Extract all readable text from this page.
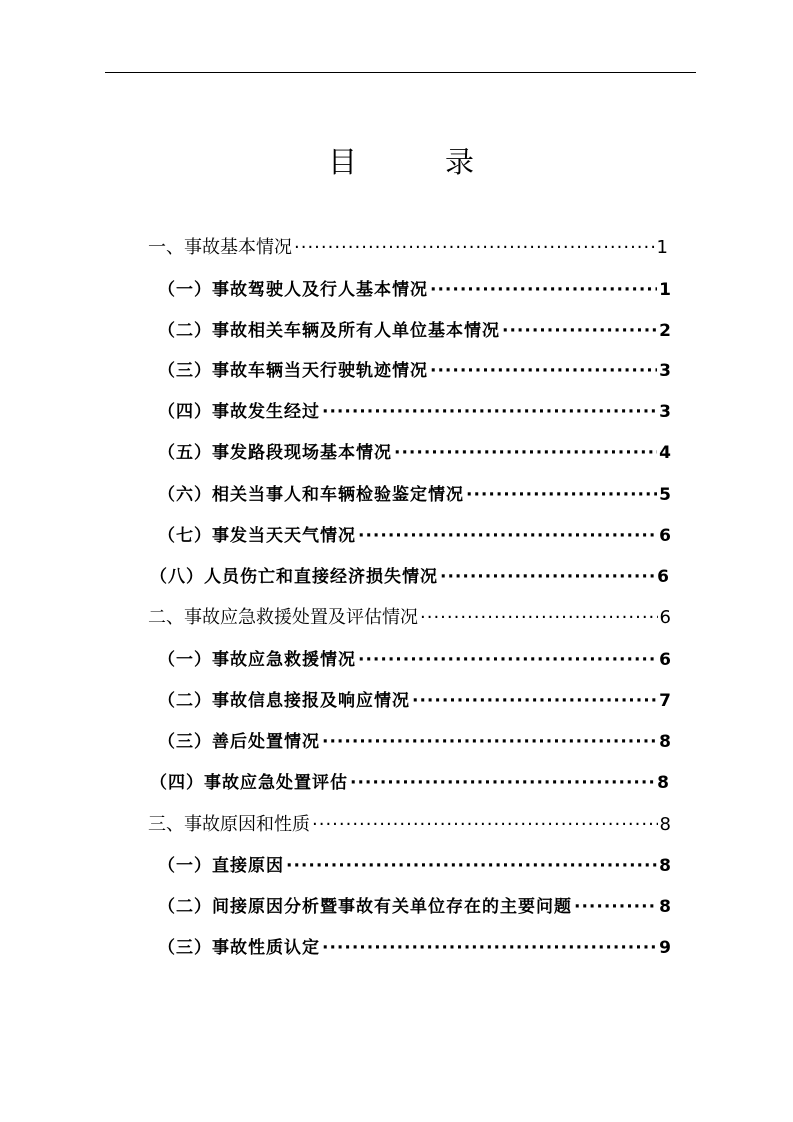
目	录
一、事故基本情况 ·····	1
（一）事故驾驶人及行人基本情况 ·····	1
（二）事故相关车辆及所有人单位基本情况 ·····	2
（三）事故车辆当天行驶轨迹情况 ·····	3
（四）事故发生经过 ·····	3
（五）事发路段现场基本情况 ·····	4
（六）相关当事人和车辆检验鉴定情况 ·····	5
（七）事发当天天气情况 ·····	6
（八）人员伤亡和直接经济损失情况 ·····	6
二、事故应急救援处置及评估情况 ·····	6
（一）事故应急救援情况 ·····	6
（二）事故信息接报及响应情况 ·····	7
（三）善后处置情况 ·····	8
（四）事故应急处置评估 ·····	8
三、事故原因和性质 ·····	8
（一）直接原因 ·····	8
（二）间接原因分析暨事故有关单位存在的主要问题 ·····	8
（三）事故性质认定 ·····	9
